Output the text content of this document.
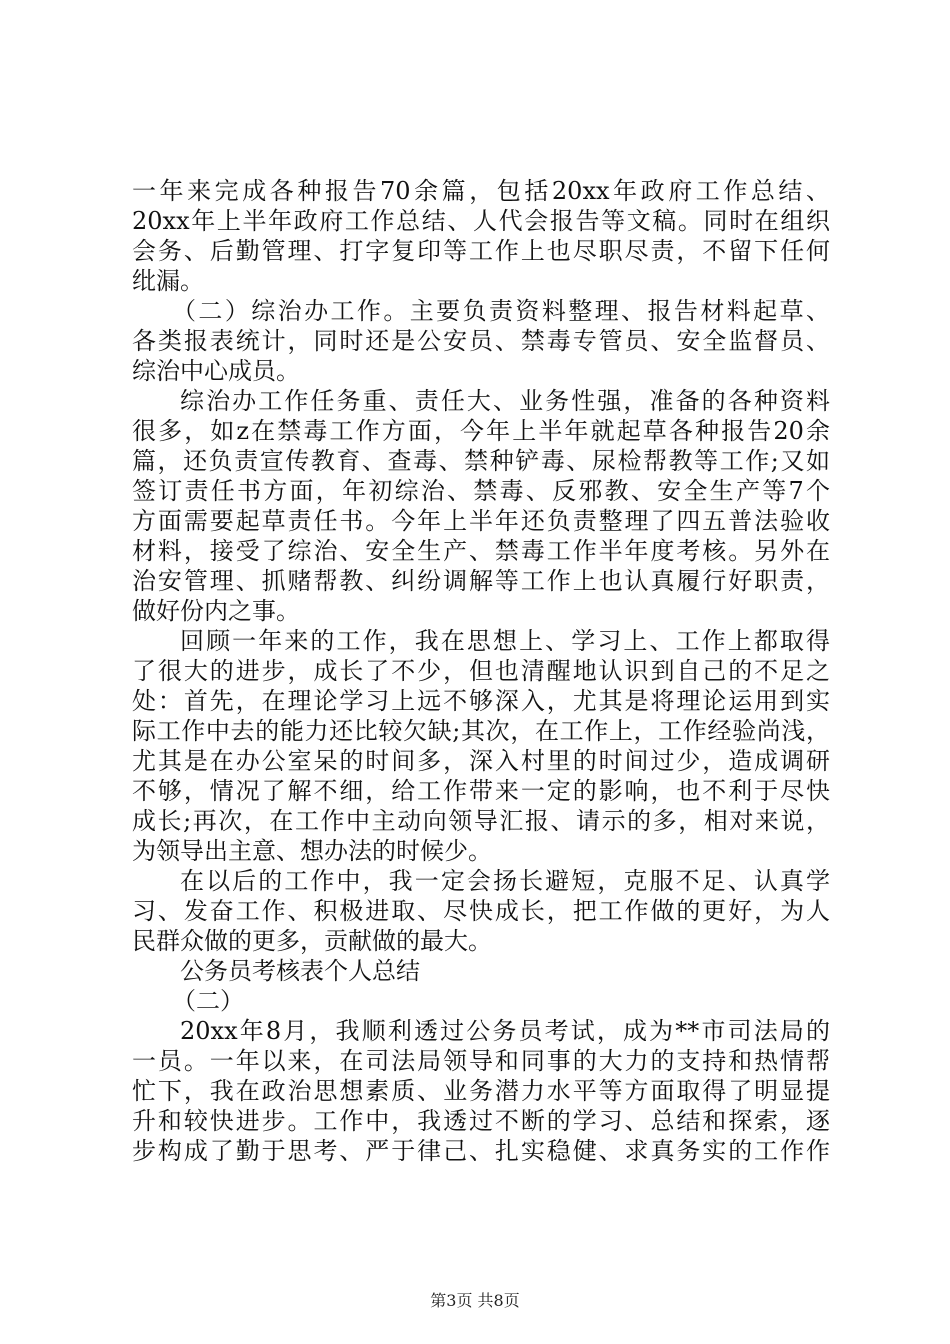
一年来完成各种报告70余篇，包括20xx年政府工作总结、
20xx年上半年政府工作总结、人代会报告等文稿。同时在组织
会务、后勤管理、打字复印等工作上也尽职尽责，不留下任何
纰漏。
（二）综治办工作。主要负责资料整理、报告材料起草、
各类报表统计，同时还是公安员、禁毒专管员、安全监督员、
综治中心成员。
综治办工作任务重、责任大、业务性强，准备的各种资料
很多，如z在禁毒工作方面，今年上半年就起草各种报告20余
篇，还负责宣传教育、查毒、禁种铲毒、尿检帮教等工作;又如
签订责任书方面，年初综治、禁毒、反邪教、安全生产等7个
方面需要起草责任书。今年上半年还负责整理了四五普法验收
材料，接受了综治、安全生产、禁毒工作半年度考核。另外在
治安管理、抓赌帮教、纠纷调解等工作上也认真履行好职责，
做好份内之事。
回顾一年来的工作，我在思想上、学习上、工作上都取得
了很大的进步，成长了不少，但也清醒地认识到自己的不足之
处：首先，在理论学习上远不够深入，尤其是将理论运用到实
际工作中去的能力还比较欠缺;其次，在工作上，工作经验尚浅，
尤其是在办公室呆的时间多，深入村里的时间过少，造成调研
不够，情况了解不细，给工作带来一定的影响，也不利于尽快
成长;再次，在工作中主动向领导汇报、请示的多，相对来说，
为领导出主意、想办法的时候少。
在以后的工作中，我一定会扬长避短，克服不足、认真学
习、发奋工作、积极进取、尽快成长，把工作做的更好，为人
民群众做的更多，贡献做的最大。
公务员考核表个人总结
（二）
20xx年8月，我顺利透过公务员考试，成为**市司法局的
一员。一年以来，在司法局领导和同事的大力的支持和热情帮
忙下，我在政治思想素质、业务潜力水平等方面取得了明显提
升和较快进步。工作中，我透过不断的学习、总结和探索，逐
步构成了勤于思考、严于律己、扎实稳健、求真务实的工作作
第3页 共8页
